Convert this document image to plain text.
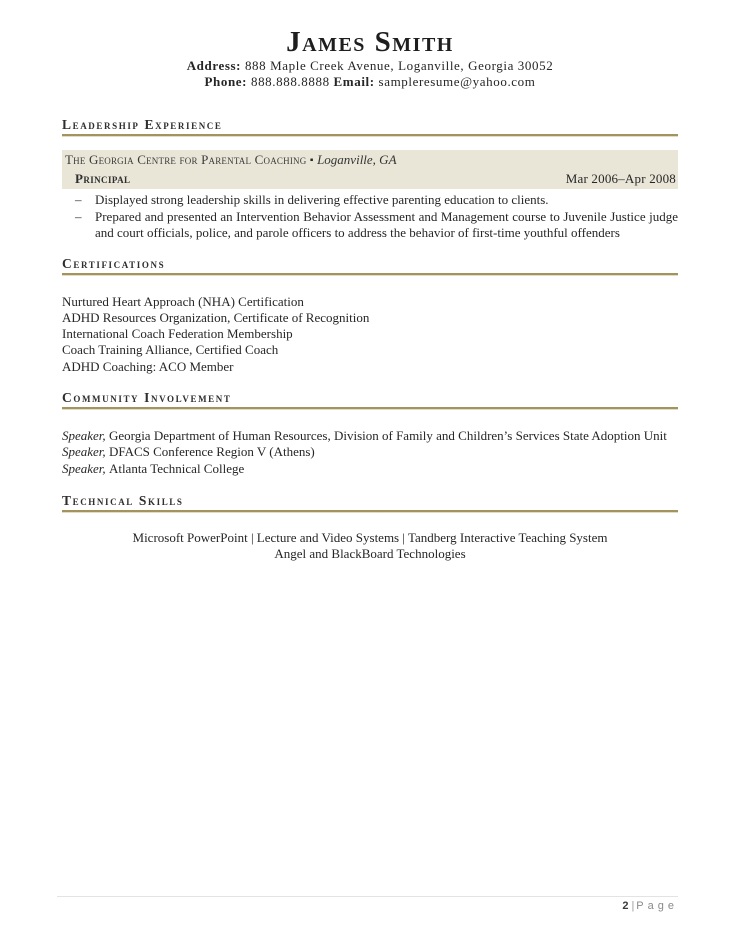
James Smith

Address: 888 Maple Creek Avenue, Loganville, Georgia 30052

Phone: 888.888.8888 Email: sampleresume@yahoo.com

Leadership Experience
The Georgia Centre for Parental Coaching ▪ Loganville, GA
Principal	Mar 2006–Apr 2008
– Displayed strong leadership skills in delivering effective parenting education to clients.
– Prepared and presented an Intervention Behavior Assessment and Management course to Juvenile Justice judge and court officials, police, and parole officers to address the behavior of first-time youthful offenders
Certifications
Nurtured Heart Approach (NHA) Certification
ADHD Resources Organization, Certificate of Recognition
International Coach Federation Membership
Coach Training Alliance, Certified Coach
ADHD Coaching: ACO Member
Community Involvement
Speaker, Georgia Department of Human Resources, Division of Family and Children’s Services State Adoption Unit
Speaker, DFACS Conference Region V (Athens)
Speaker, Atlanta Technical College
Technical Skills
Microsoft PowerPoint | Lecture and Video Systems | Tandberg Interactive Teaching System
Angel and BlackBoard Technologies
2 | Page
